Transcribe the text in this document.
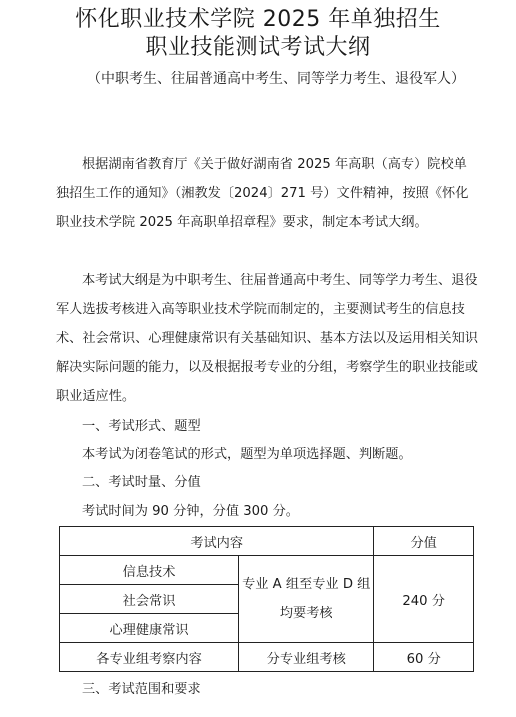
怀化职业技术学院 2025 年单独招生
职业技能测试考试大纲

（中职考生、往届普通高中考生、同等学力考生、退役军人）

根据湖南省教育厅《关于做好湖南省 2025 年高职（高专）院校单独招生工作的通知》（湘教发〔2024〕271 号）文件精神，按照《怀化职业技术学院 2025 年高职单招章程》要求，制定本考试大纲。

本考试大纲是为中职考生、往届普通高中考生、同等学力考生、退役军人选拔考核进入高等职业技术学院而制定的，主要测试考生的信息技术、社会常识、心理健康常识有关基础知识、基本方法以及运用相关知识解决实际问题的能力，以及根据报考专业的分组，考察学生的职业技能或职业适应性。

一、考试形式、题型

本考试为闭卷笔试的形式，题型为单项选择题、判断题。

二、考试时量、分值

考试时间为 90 分钟，分值 300 分。

考试内容		分值
信息技术	专业 A 组至专业 D 组均要考核	240 分
社会常识		
心理健康常识		
各专业组考察内容	分专业组考核	60 分

三、考试范围和要求
